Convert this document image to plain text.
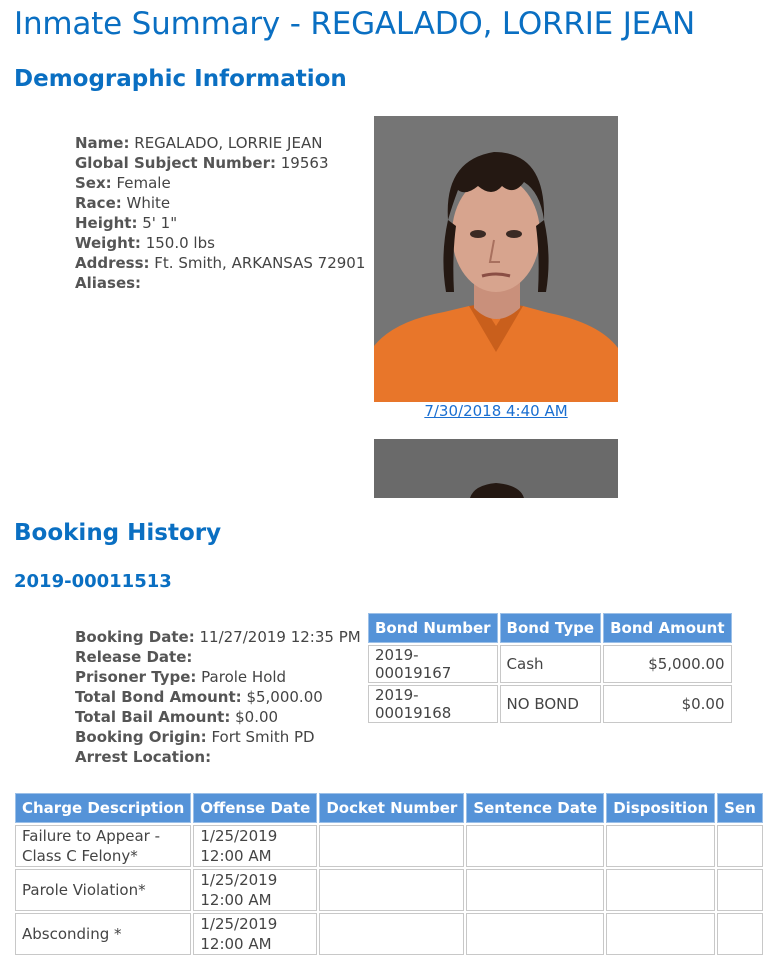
Inmate Summary - REGALADO, LORRIE JEAN
Demographic Information
Name: REGALADO, LORRIE JEAN
Global Subject Number: 19563
Sex: Female
Race: White
Height: 5' 1"
Weight: 150.0 lbs
Address: Ft. Smith, ARKANSAS 72901
Aliases:
7/30/2018 4:40 AM
Booking History
2019-00011513
Booking Date: 11/27/2019 12:35 PM
Release Date:
Prisoner Type: Parole Hold
Total Bond Amount: $5,000.00
Total Bail Amount: $0.00
Booking Origin: Fort Smith PD
Arrest Location:
Bond Number	Bond Type	Bond Amount
2019-00019167	Cash	$5,000.00
2019-00019168	NO BOND	$0.00
Charge Description	Offense Date	Docket Number	Sentence Date	Disposition	Sen
Failure to Appear - Class C Felony*	1/25/2019 12:00 AM				
Parole Violation*	1/25/2019 12:00 AM				
Absconding *	1/25/2019 12:00 AM				
